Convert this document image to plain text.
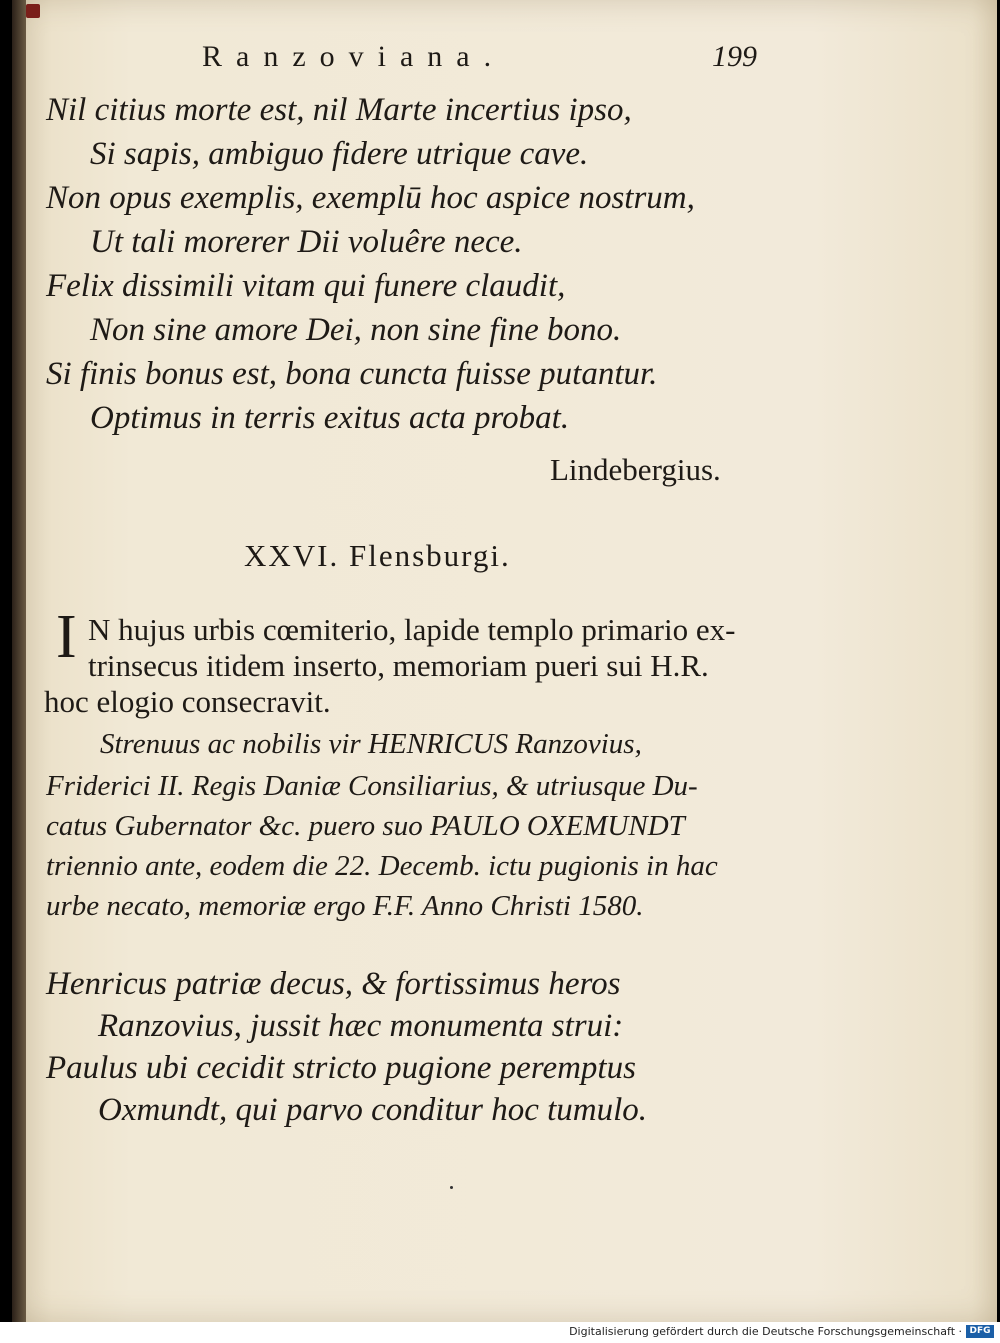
Ranzoviana.	199
Nil citius morte est, nil Marte incertius ipso,
Si sapis, ambiguo fidere utrique cave.
Non opus exemplis, exemplū hoc aspice nostrum,
Ut tali morerer Dii voluêre nece.
Felix dissimili vitam qui funere claudit,
Non sine amore Dei, non sine fine bono.
Si finis bonus est, bona cuncta fuisse putantur.
Optimus in terris exitus acta probat.
Lindebergius.
XXVI. Flensburgi.
I N hujus urbis cœmiterio, lapide templo primario ex-
trinsecus itidem inserto, memoriam pueri sui H.R.
hoc elogio consecravit.
Strenuus ac nobilis vir HENRICUS Ranzovius,
Friderici II. Regis Daniæ Consiliarius, & utriusque Du-
catus Gubernator &c. puero suo PAULO OXEMUNDT
triennio ante, eodem die 22. Decemb. ictu pugionis in hac
urbe necato, memoriæ ergo F.F. Anno Christi 1580.
Henricus patriæ decus, & fortissimus heros
Ranzovius, jussit hæc monumenta strui:
Paulus ubi cecidit stricto pugione peremptus
Oxmundt, qui parvo conditur hoc tumulo.
Digitalisierung gefördert durch die Deutsche Forschungsgemeinschaft · DFG
